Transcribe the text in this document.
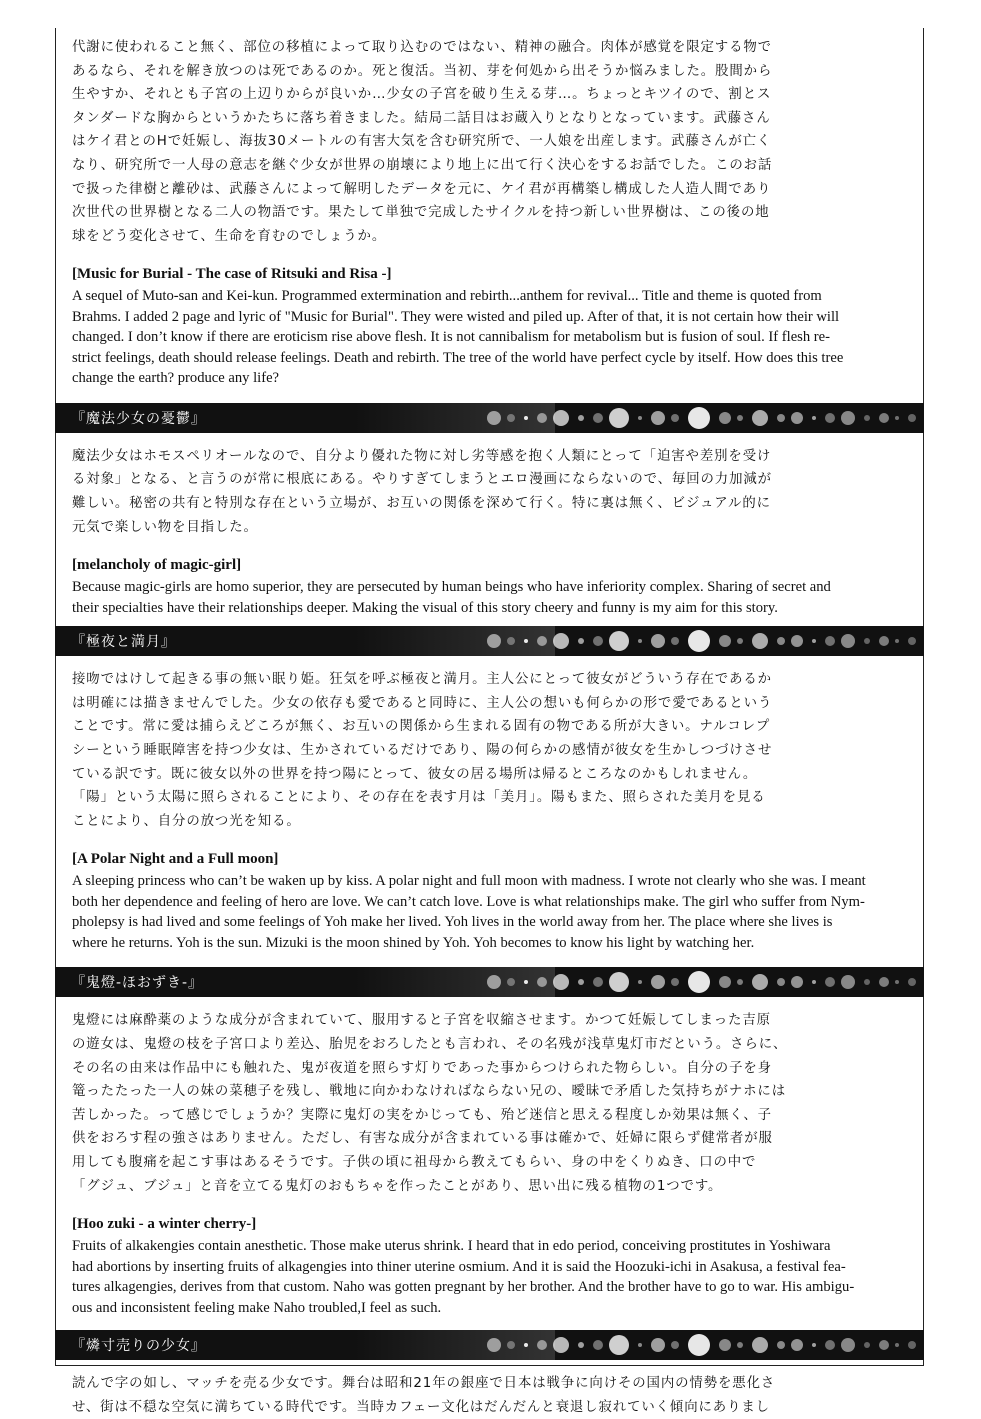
代謝に使われること無く、部位の移植によって取り込むのではない、精神の融合。肉体が感覚を限定する物で
あるなら、それを解き放つのは死であるのか。死と復活。当初、芽を何処から出そうか悩みました。股間から
生やすか、それとも子宮の上辺りからが良いか…少女の子宮を破り生える芽…。ちょっとキツイので、割とス
タンダードな胸からというかたちに落ち着きました。結局二話目はお蔵入りとなりとなっています。武藤さん
はケイ君とのHで妊娠し、海抜30メートルの有害大気を含む研究所で、一人娘を出産します。武藤さんが亡く
なり、研究所で一人母の意志を継ぐ少女が世界の崩壊により地上に出て行く決心をするお話でした。このお話
で扱った律樹と離砂は、武藤さんによって解明したデータを元に、ケイ君が再構築し構成した人造人間であり
次世代の世界樹となる二人の物語です。果たして単独で完成したサイクルを持つ新しい世界樹は、この後の地
球をどう変化させて、生命を育むのでしょうか。

[Music for Burial - The case of Ritsuki and Risa -]

A sequel of Muto-san and Kei-kun. Programmed extermination and rebirth...anthem for revival... Title and theme is quoted from
Brahms. I added 2 page and lyric of "Music for Burial". They were wisted and piled up. After of that, it is not certain how their will
changed. I don’t know if there are eroticism rise above flesh. It is not cannibalism for metabolism but is fusion of soul. If flesh re-
strict feelings, death should release feelings. Death and rebirth. The tree of the world have perfect cycle by itself. How does this tree
change the earth? produce any life?

『魔法少女の憂鬱』

魔法少女はホモスペリオールなので、自分より優れた物に対し劣等感を抱く人類にとって「迫害や差別を受け
る対象」となる、と言うのが常に根底にある。やりすぎてしまうとエロ漫画にならないので、毎回の力加減が
難しい。秘密の共有と特別な存在という立場が、お互いの関係を深めて行く。特に裏は無く、ビジュアル的に
元気で楽しい物を目指した。

[melancholy of magic-girl]

Because magic-girls are homo superior, they are persecuted by human beings who have inferiority complex. Sharing of secret and
their specialties have their relationships deeper. Making the visual of this story cheery and funny is my aim for this story.

『極夜と満月』

接吻ではけして起きる事の無い眠り姫。狂気を呼ぶ極夜と満月。主人公にとって彼女がどういう存在であるか
は明確には描きませんでした。少女の依存も愛であると同時に、主人公の想いも何らかの形で愛であるという
ことです。常に愛は捕らえどころが無く、お互いの関係から生まれる固有の物である所が大きい。ナルコレプ
シーという睡眠障害を持つ少女は、生かされているだけであり、陽の何らかの感情が彼女を生かしつづけさせ
ている訳です。既に彼女以外の世界を持つ陽にとって、彼女の居る場所は帰るところなのかもしれません。
「陽」という太陽に照らされることにより、その存在を表す月は「美月」。陽もまた、照らされた美月を見る
ことにより、自分の放つ光を知る。

[A Polar Night and a Full moon]

A sleeping princess who can’t be waken up by kiss. A polar night and full moon with madness. I wrote not clearly who she was. I meant
both her dependence and feeling of hero are love. We can’t catch love. Love is what relationships make. The girl who suffer from Nym-
pholepsy is had lived and some feelings of Yoh make her lived. Yoh lives in the world away from her. The place where she lives is
where he returns. Yoh is the sun. Mizuki is the moon shined by Yoh. Yoh becomes to know his light by watching her.

『鬼燈-ほおずき-』

鬼燈には麻酔薬のような成分が含まれていて、服用すると子宮を収縮させます。かつて妊娠してしまった吉原
の遊女は、鬼燈の枝を子宮口より差込、胎児をおろしたとも言われ、その名残が浅草鬼灯市だという。さらに、
その名の由来は作品中にも触れた、鬼が夜道を照らす灯りであった事からつけられた物らしい。自分の子を身
篭ったたった一人の妹の菜穂子を残し、戦地に向かわなければならない兄の、曖昧で矛盾した気持ちがナホには
苦しかった。って感じでしょうか？実際に鬼灯の実をかじっても、殆ど迷信と思える程度しか効果は無く、子
供をおろす程の強さはありません。ただし、有害な成分が含まれている事は確かで、妊婦に限らず健常者が服
用しても腹痛を起こす事はあるそうです。子供の頃に祖母から教えてもらい、身の中をくりぬき、口の中で
「グジュ、ブジュ」と音を立てる鬼灯のおもちゃを作ったことがあり、思い出に残る植物の1つです。

[Hoo zuki - a winter cherry-]

Fruits of alkakengies contain anesthetic. Those make uterus shrink. I heard that in edo period, conceiving prostitutes in Yoshiwara
had abortions by inserting fruits of alkagengies into thiner uterine osmium. And it is said the Hoozuki-ichi in Asakusa, a festival fea-
tures alkagengies, derives from that custom. Naho was gotten pregnant by her brother. And the brother have to go to war. His ambigu-
ous and inconsistent feeling make Naho troubled,I feel as such.

『燐寸売りの少女』

読んで字の如し、マッチを売る少女です。舞台は昭和21年の銀座で日本は戦争に向けその国内の情勢を悪化さ
せ、街は不穏な空気に満ちている時代です。当時カフェー文化はだんだんと衰退し寂れていく傾向にありまし
